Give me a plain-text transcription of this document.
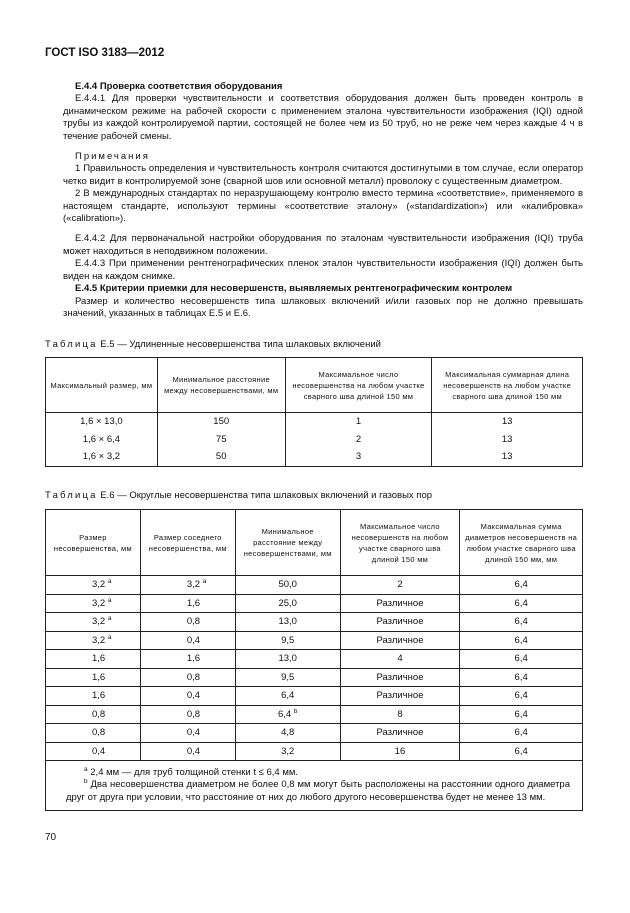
ГОСТ ISO 3183—2012

Е.4.4 Проверка соответствия оборудования

Е.4.4.1 Для проверки чувствительности и соответствия оборудования должен быть проведен контроль в динамическом режиме на рабочей скорости с применением эталона чувствительности изображения (IQI) одной трубы из каждой контролируемой партии, состоящей не более чем из 50 труб, но не реже чем через каждые 4 ч в течение рабочей смены.

Примечания

1 Правильность определения и чувствительность контроля считаются достигнутыми в том случае, если оператор четко видит в контролируемой зоне (сварной шов или основной металл) проволоку с существенным диаметром.

2 В международных стандартах по неразрушающему контролю вместо термина «соответствие», применяемого в настоящем стандарте, используют термины «соответствие эталону» («standardization») или «калибровка» («calibration»).

Е.4.4.2 Для первоначальной настройки оборудования по эталонам чувствительности изображения (IQI) труба может находиться в неподвижном положении.

Е.4.4.3 При применении рентгенографических пленок эталон чувствительности изображения (IQI) должен быть виден на каждом снимке.

Е.4.5 Критерии приемки для несовершенств, выявляемых рентгенографическим контролем

Размер и количество несовершенств типа шлаковых включений и/или газовых пор не должно превышать значений, указанных в таблицах Е.5 и Е.6.

Таблица Е.5 — Удлиненные несовершенства типа шлаковых включений
Максимальный размер, мм	Минимальное расстояние между несовершенствами, мм	Максимальное число несовершенства на любом участке сварного шва длиной 150 мм	Максимальная суммарная длина несовершенств на любом участке сварного шва длиной 150 мм
1,6 × 13,0	150	1	13
1,6 × 6,4	75	2	13
1,6 × 3,2	50	3	13
Таблица Е.6 — Округлые несовершенства типа шлаковых включений и газовых пор
Размер несовершенства, мм	Размер соседнего несовершенства, мм	Минимальное расстояние между несовершенствами, мм	Максимальное число несовершенств на любом участке сварного шва длиной 150 мм	Максимальная сумма диаметров несовершенств на любом участке сварного шва длиной 150 мм, мм
3,2 $^a$	3,2 $^a$	50,0	2	6,4
3,2 $^a$	1,6	25,0	Различное	6,4
3,2 $^a$	0,8	13,0	Различное	6,4
3,2 $^a$	0,4	9,5	Различное	6,4
1,6	1,6	13,0	4	6,4
1,6	0,8	9,5	Различное	6,4
1,6	0,4	6,4	Различное	6,4
0,8	0,8	6,4 $^b$	8	6,4
0,8	0,4	4,8	Различное	6,4
0,4	0,4	3,2	16	6,4

$^a$ 2,4 мм — для труб толщиной стенки t ≤ 6,4 мм.
$^b$ Два несовершенства диаметром не более 0,8 мм могут быть расположены на расстоянии одного диаметра друг от друга при условии, что расстояние от них до любого другого несовершенства будет не менее 13 мм.				
70
